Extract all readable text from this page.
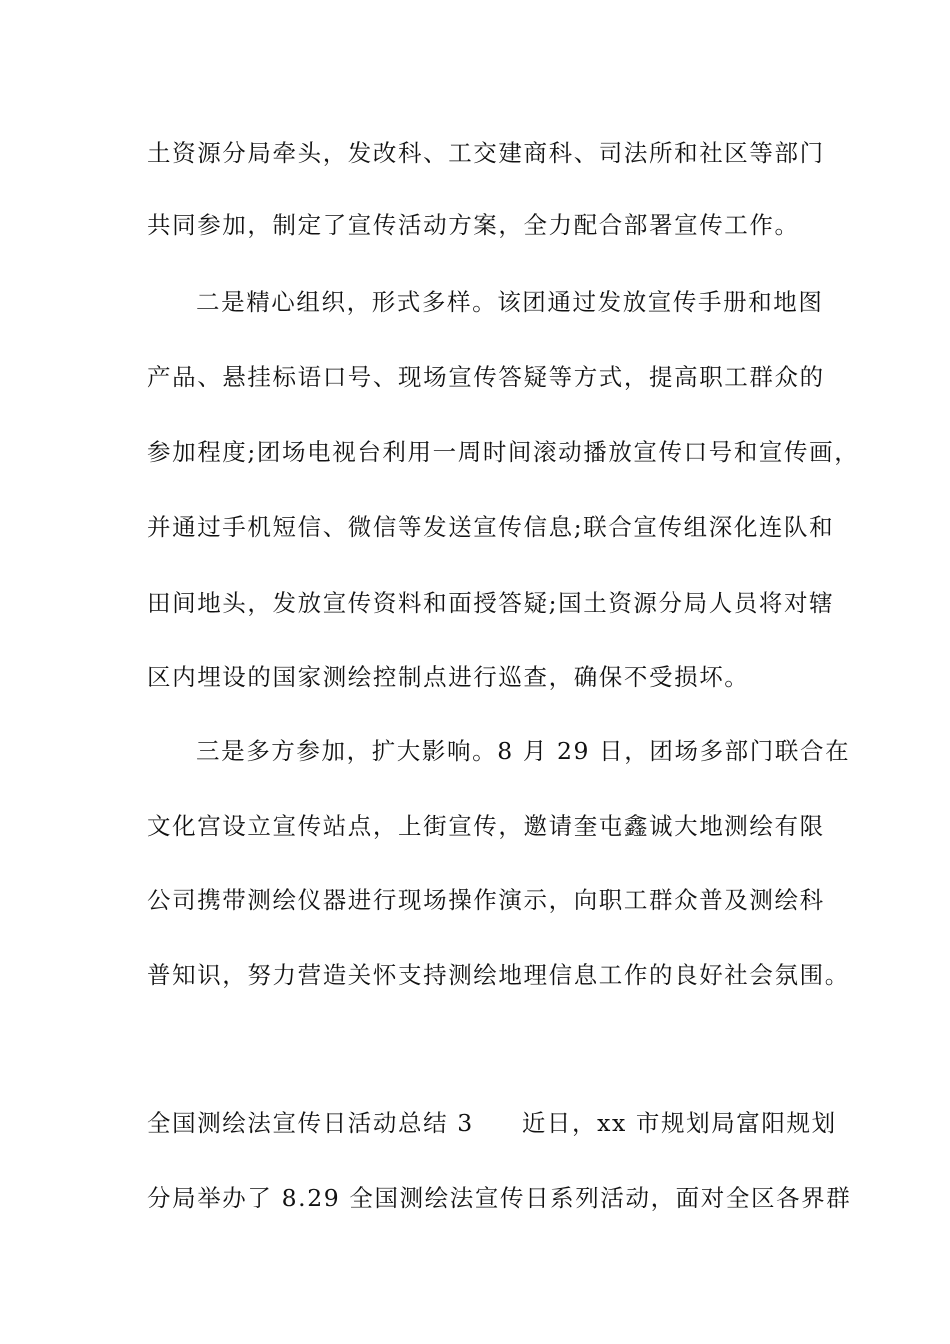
土资源分局牵头，发改科、工交建商科、司法所和社区等部门
共同参加，制定了宣传活动方案，全力配合部署宣传工作。
二是精心组织，形式多样。该团通过发放宣传手册和地图
产品、悬挂标语口号、现场宣传答疑等方式，提高职工群众的
参加程度;团场电视台利用一周时间滚动播放宣传口号和宣传画，
并通过手机短信、微信等发送宣传信息;联合宣传组深化连队和
田间地头，发放宣传资料和面授答疑;国土资源分局人员将对辖
区内埋设的国家测绘控制点进行巡查，确保不受损坏。
三是多方参加，扩大影响。8 月 29 日，团场多部门联合在
文化宫设立宣传站点，上街宣传，邀请奎屯鑫诚大地测绘有限
公司携带测绘仪器进行现场操作演示，向职工群众普及测绘科
普知识，努力营造关怀支持测绘地理信息工作的良好社会氛围。
全国测绘法宣传日活动总结 3 近日，xx 市规划局富阳规划
分局举办了 8.29 全国测绘法宣传日系列活动，面对全区各界群
